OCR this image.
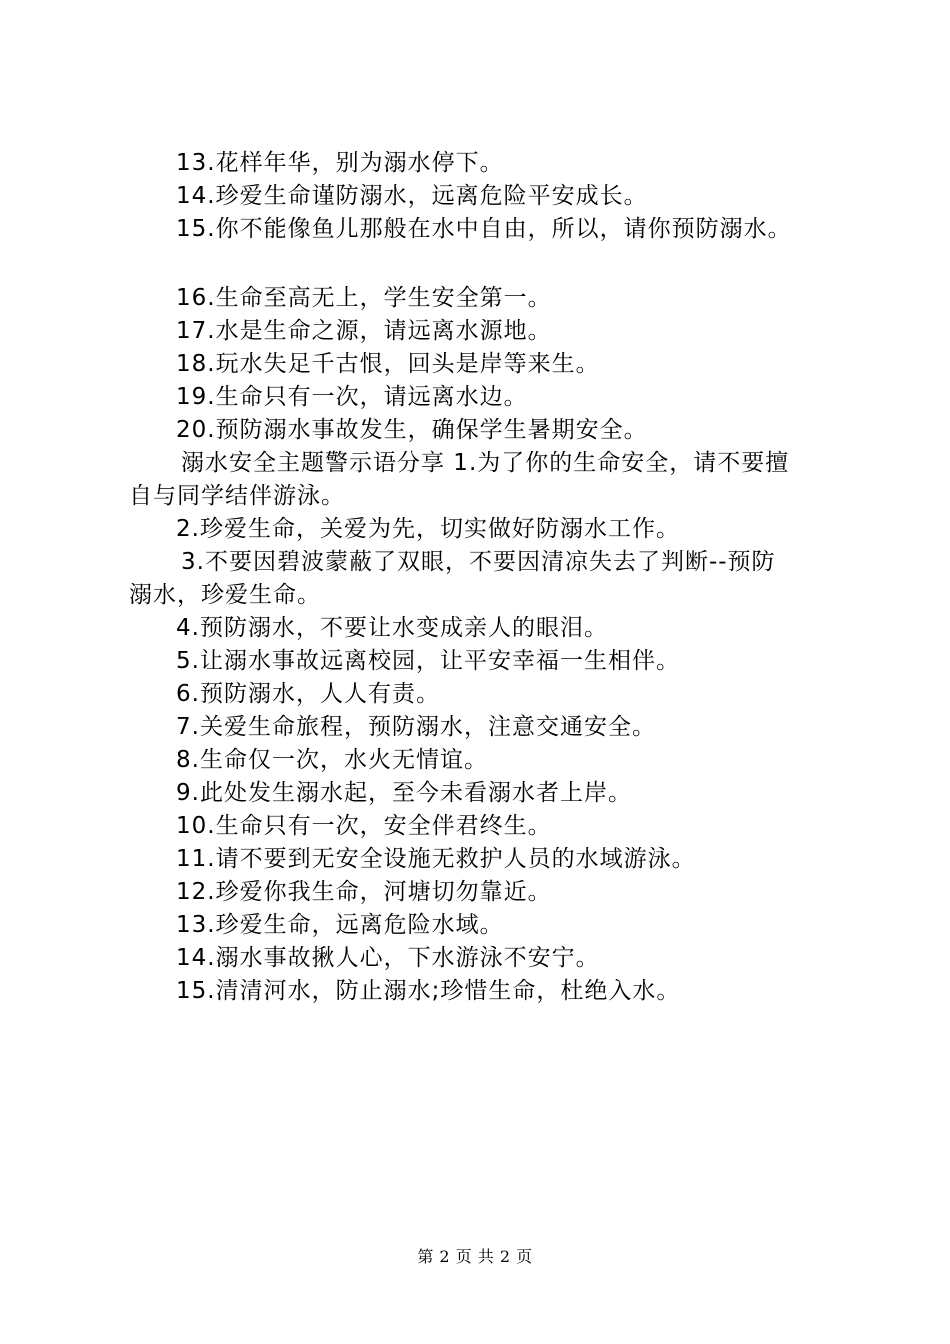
13.花样年华，别为溺水停下。
14.珍爱生命谨防溺水，远离危险平安成长。
15.你不能像鱼儿那般在水中自由，所以，请你预防溺水。
16.生命至高无上，学生安全第一。
17.水是生命之源，请远离水源地。
18.玩水失足千古恨，回头是岸等来生。
19.生命只有一次，请远离水边。
20.预防溺水事故发生，确保学生暑期安全。
溺水安全主题警示语分享 1.为了你的生命安全，请不要擅
自与同学结伴游泳。
2.珍爱生命，关爱为先，切实做好防溺水工作。
3.不要因碧波蒙蔽了双眼，不要因清凉失去了判断--预防
溺水，珍爱生命。
4.预防溺水，不要让水变成亲人的眼泪。
5.让溺水事故远离校园，让平安幸福一生相伴。
6.预防溺水，人人有责。
7.关爱生命旅程，预防溺水，注意交通安全。
8.生命仅一次，水火无情谊。
9.此处发生溺水起，至今未看溺水者上岸。
10.生命只有一次，安全伴君终生。
11.请不要到无安全设施无救护人员的水域游泳。
12.珍爱你我生命，河塘切勿靠近。
13.珍爱生命，远离危险水域。
14.溺水事故揪人心，下水游泳不安宁。
15.清清河水，防止溺水;珍惜生命，杜绝入水。
第 2 页 共 2 页
